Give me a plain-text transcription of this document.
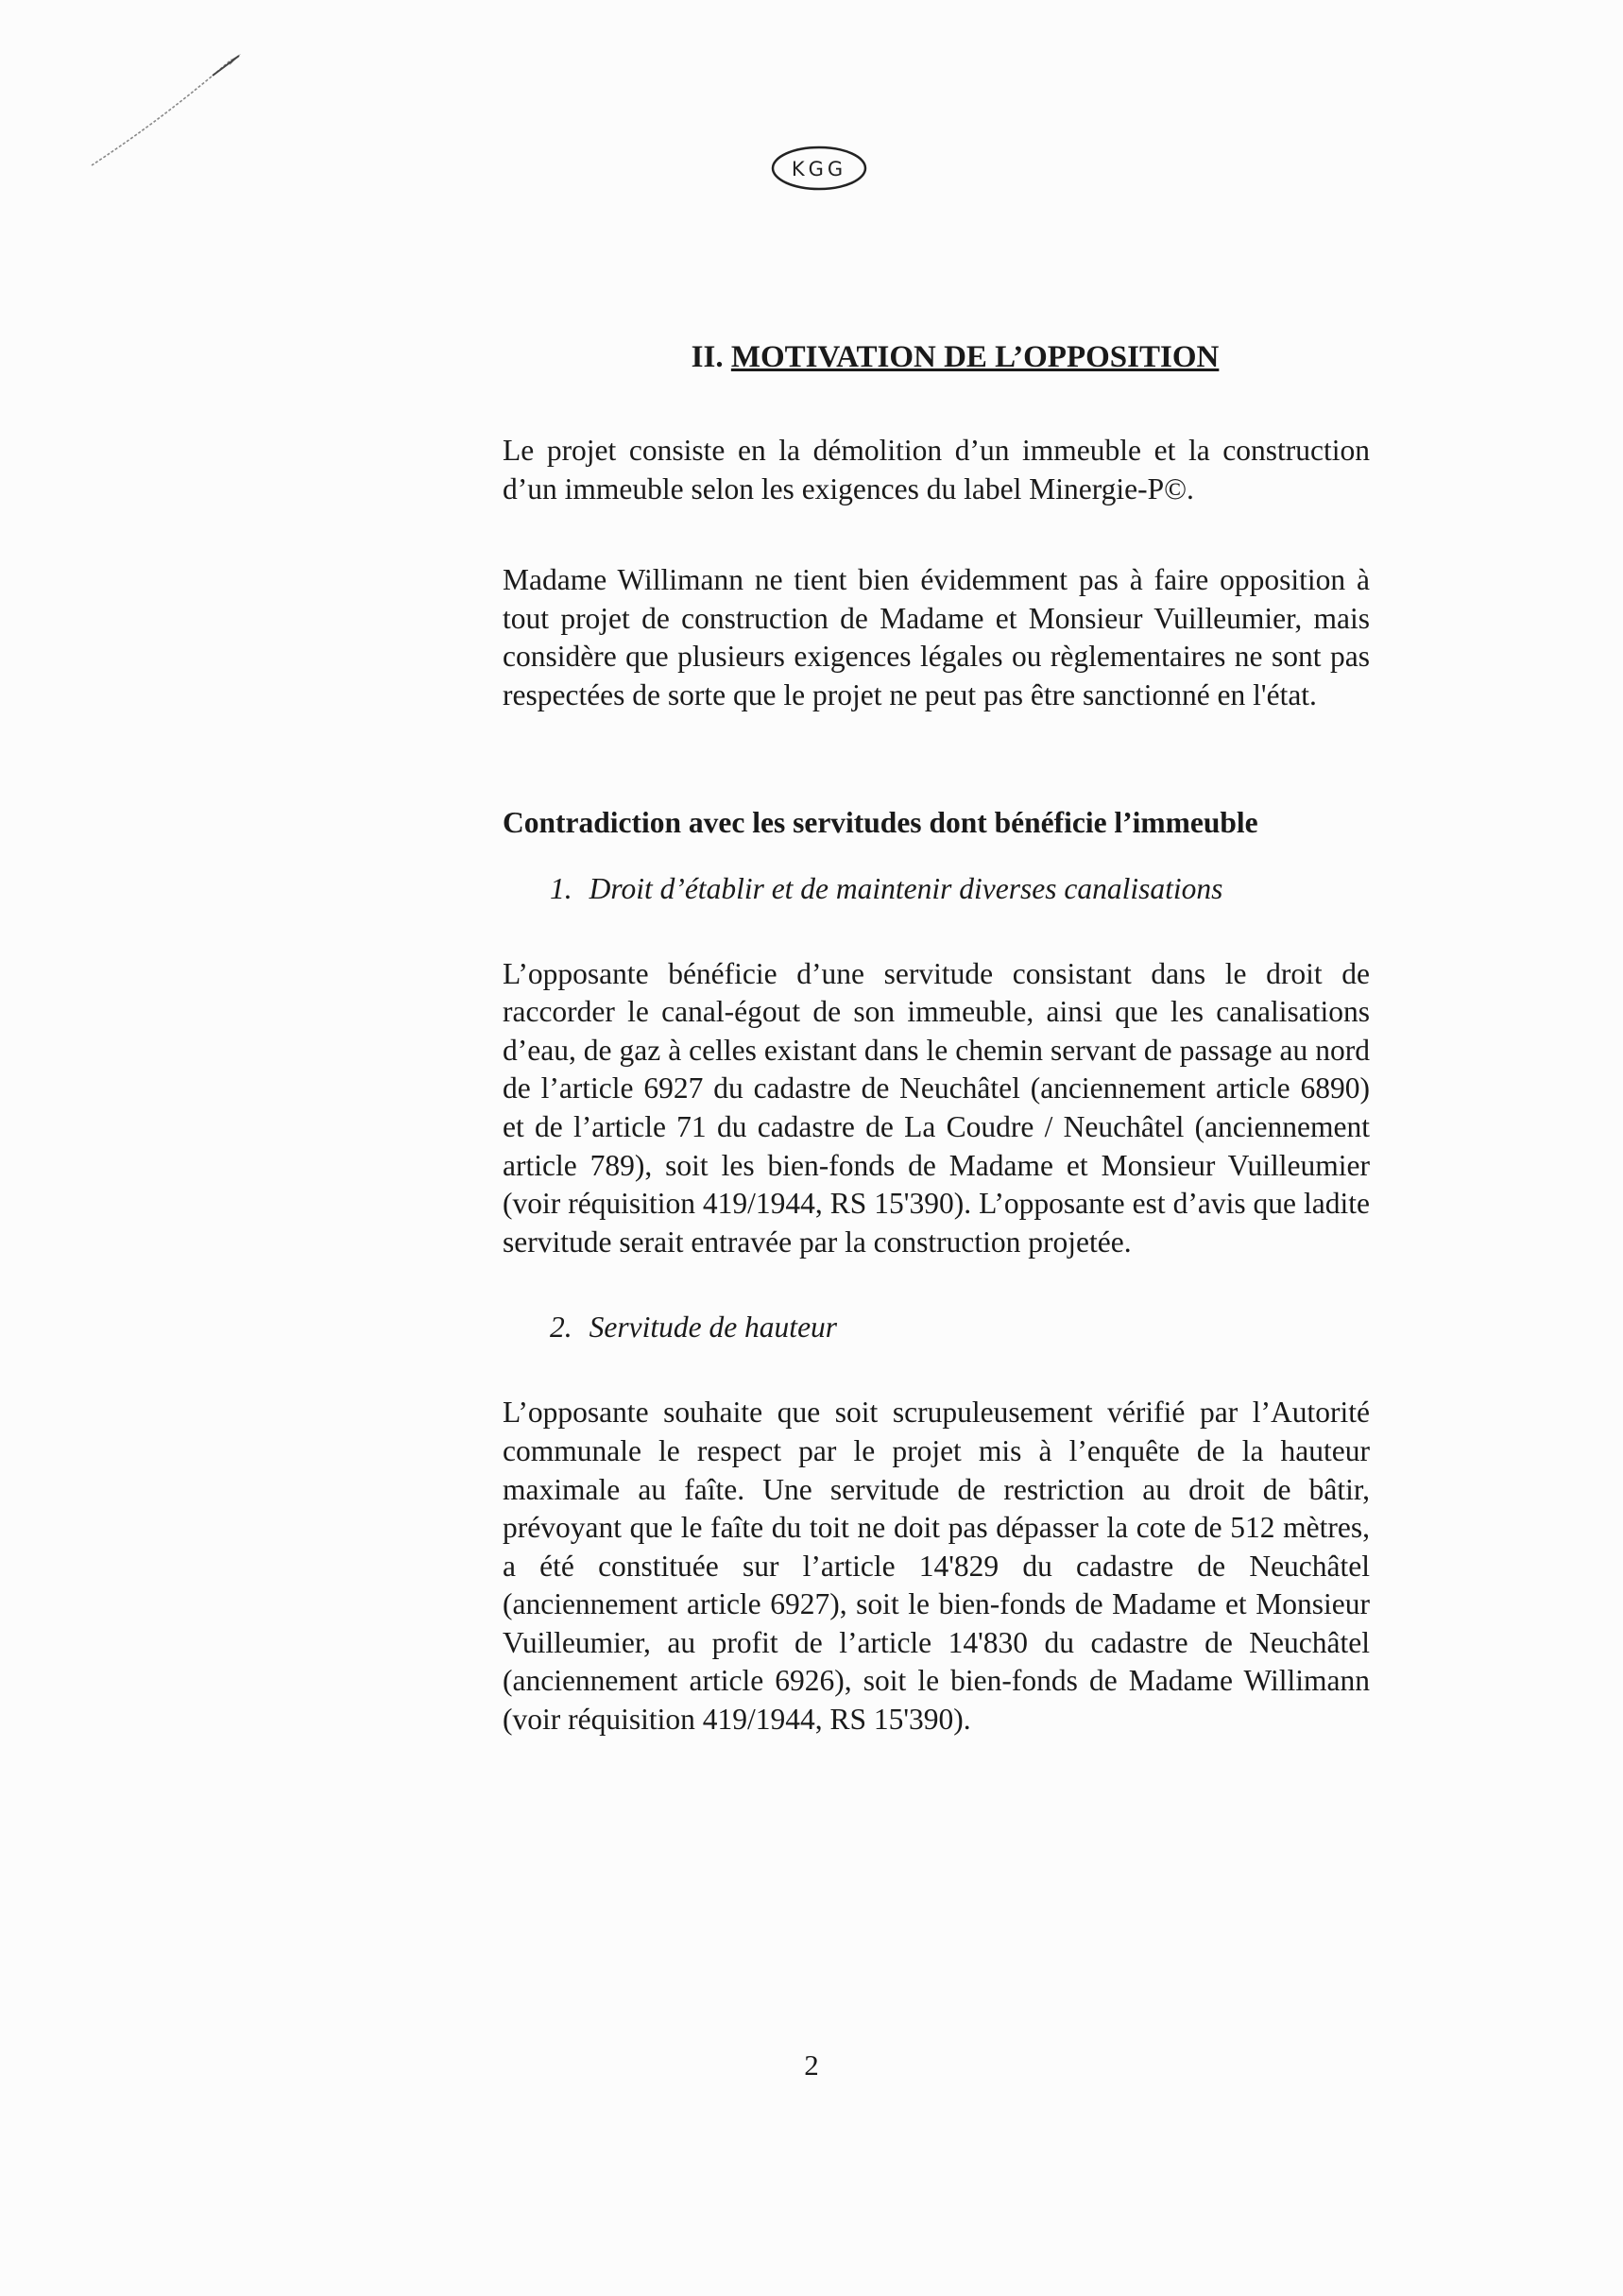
KGG
II. MOTIVATION DE L’OPPOSITION

Le projet consiste en la démolition d’un immeuble et la construction d’un immeuble selon les exigences du label Minergie-P©.

Madame Willimann ne tient bien évidemment pas à faire opposition à tout projet de construction de Madame et Monsieur Vuilleumier, mais considère que plusieurs exigences légales ou règlementaires ne sont pas respectées de sorte que le projet ne peut pas être sanctionné en l'état.

Contradiction avec les servitudes dont bénéficie l’immeuble
1. Droit d’établir et de maintenir diverses canalisations

L’opposante bénéficie d’une servitude consistant dans le droit de raccorder le canal-égout de son immeuble, ainsi que les canalisations d’eau, de gaz à celles existant dans le chemin servant de passage au nord de l’article 6927 du cadastre de Neuchâtel (anciennement article 6890) et de l’article 71 du cadastre de La Coudre / Neuchâtel (anciennement article 789), soit les bien-fonds de Madame et Monsieur Vuilleumier (voir réquisition 419/1944, RS 15'390). L’opposante est d’avis que ladite servitude serait entravée par la construction projetée.

2. Servitude de hauteur

L’opposante souhaite que soit scrupuleusement vérifié par l’Autorité communale le respect par le projet mis à l’enquête de la hauteur maximale au faîte. Une servitude de restriction au droit de bâtir, prévoyant que le faîte du toit ne doit pas dépasser la cote de 512 mètres, a été constituée sur l’article 14'829 du cadastre de Neuchâtel (anciennement article 6927), soit le bien-fonds de Madame et Monsieur Vuilleumier, au profit de l’article 14'830 du cadastre de Neuchâtel (anciennement article 6926), soit le bien-fonds de Madame Willimann (voir réquisition 419/1944, RS 15'390).

2
